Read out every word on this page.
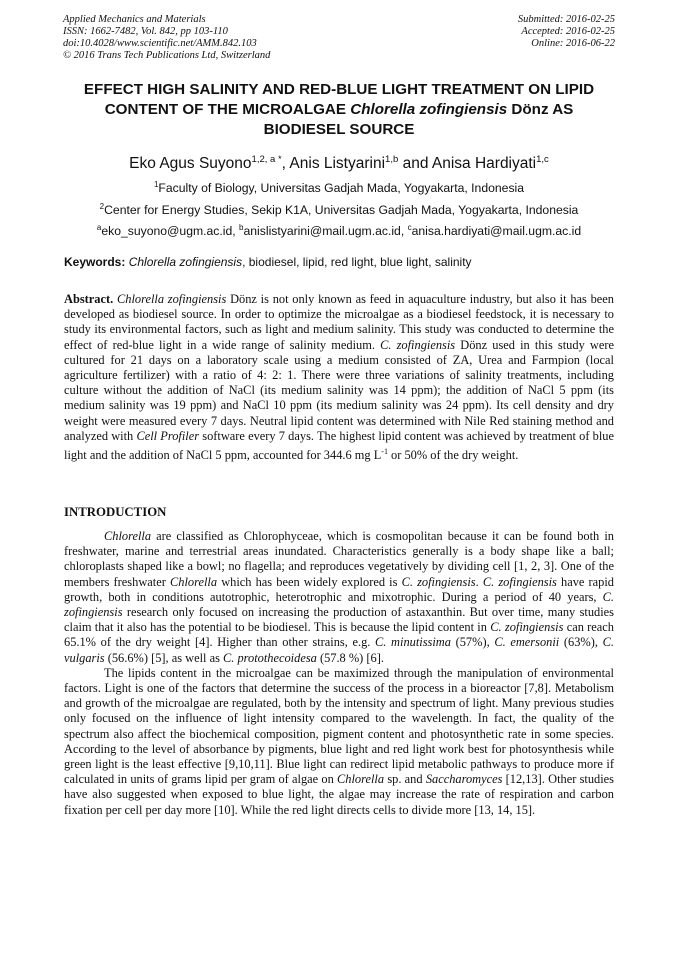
Applied Mechanics and Materials
ISSN: 1662-7482, Vol. 842, pp 103-110
doi:10.4028/www.scientific.net/AMM.842.103
© 2016 Trans Tech Publications Ltd, Switzerland
Submitted: 2016-02-25
Accepted: 2016-02-25
Online: 2016-06-22
EFFECT HIGH SALINITY AND RED-BLUE LIGHT TREATMENT ON LIPID
CONTENT OF THE MICROALGAE Chlorella zofingiensis Dönz AS
BIODIESEL SOURCE
Eko Agus Suyono$^{1,2, a *}$, Anis Listyarini$^{1,b}$ and Anisa Hardiyati$^{1,c}$
$^1$Faculty of Biology, Universitas Gadjah Mada, Yogyakarta, Indonesia
$^2$Center for Energy Studies, Sekip K1A, Universitas Gadjah Mada, Yogyakarta, Indonesia
$^a$eko_suyono@ugm.ac.id, $^b$anislistyarini@mail.ugm.ac.id, $^c$anisa.hardiyati@mail.ugm.ac.id
Keywords: Chlorella zofingiensis, biodiesel, lipid, red light, blue light, salinity

Abstract. Chlorella zofingiensis Dönz is not only known as feed in aquaculture industry, but also it has been developed as biodiesel source. In order to optimize the microalgae as a biodiesel feedstock, it is necessary to study its environmental factors, such as light and medium salinity. This study was conducted to determine the effect of red-blue light in a wide range of salinity medium. C. zofingiensis Dönz used in this study were cultured for 21 days on a laboratory scale using a medium consisted of ZA, Urea and Farmpion (local agriculture fertilizer) with a ratio of 4: 2: 1. There were three variations of salinity treatments, including culture without the addition of NaCl (its medium salinity was 14 ppm); the addition of NaCl 5 ppm (its medium salinity was 19 ppm) and NaCl 10 ppm (its medium salinity was 24 ppm). Its cell density and dry weight were measured every 7 days. Neutral lipid content was determined with Nile Red staining method and analyzed with Cell Profiler software every 7 days. The highest lipid content was achieved by treatment of blue light and the addition of NaCl 5 ppm, accounted for 344.6 mg $L^{-1}$ or 50% of the dry weight.

INTRODUCTION

Chlorella are classified as Chlorophyceae, which is cosmopolitan because it can be found both in freshwater, marine and terrestrial areas inundated. Characteristics generally is a body shape like a ball; chloroplasts shaped like a bowl; no flagella; and reproduces vegetatively by dividing cell [1, 2, 3]. One of the members freshwater Chlorella which has been widely explored is C. zofingiensis. C. zofingiensis have rapid growth, both in conditions autotrophic, heterotrophic and mixotrophic. During a period of 40 years, C. zofingiensis research only focused on increasing the production of astaxanthin. But over time, many studies claim that it also has the potential to be biodiesel. This is because the lipid content in C. zofingiensis can reach 65.1% of the dry weight [4]. Higher than other strains, e.g. C. minutissima (57%), C. emersonii (63%), C. vulgaris (56.6%) [5], as well as C. protothecoidesa (57.8 %) [6].

The lipids content in the microalgae can be maximized through the manipulation of environmental factors. Light is one of the factors that determine the success of the process in a bioreactor [7,8]. Metabolism and growth of the microalgae are regulated, both by the intensity and spectrum of light. Many previous studies only focused on the influence of light intensity compared to the wavelength. In fact, the quality of the spectrum also affect the biochemical composition, pigment content and photosynthetic rate in some species. According to the level of absorbance by pigments, blue light and red light work best for photosynthesis while green light is the least effective [9,10,11]. Blue light can redirect lipid metabolic pathways to produce more if calculated in units of grams lipid per gram of algae on Chlorella sp. and Saccharomyces [12,13]. Other studies have also suggested when exposed to blue light, the algae may increase the rate of respiration and carbon fixation per cell per day more [10]. While the red light directs cells to divide more [13, 14, 15].
